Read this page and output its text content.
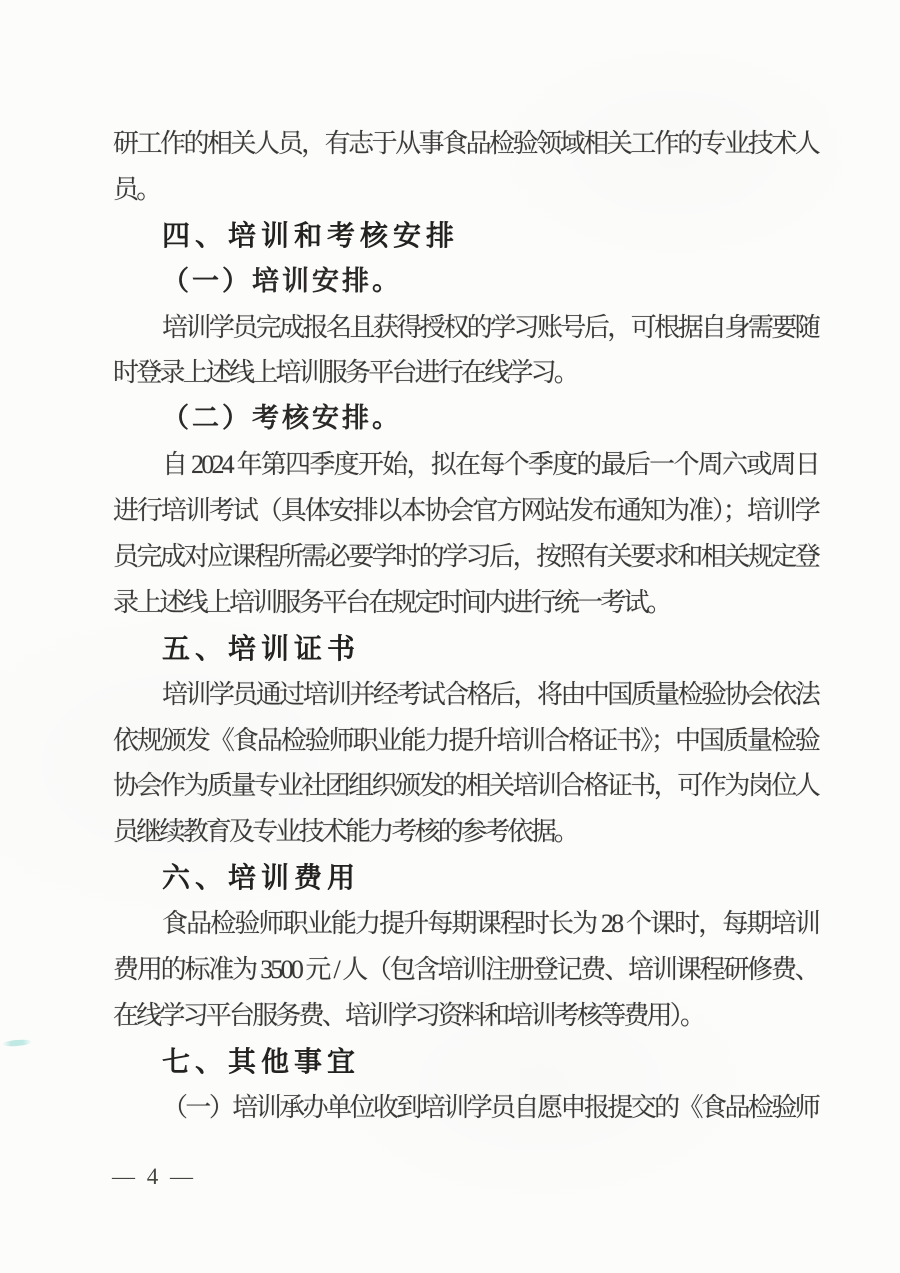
研工作的相关人员，有志于从事食品检验领域相关工作的专业技术人
员。
四、培训和考核安排
（一）培训安排。
培训学员完成报名且获得授权的学习账号后，可根据自身需要随
时登录上述线上培训服务平台进行在线学习。
（二）考核安排。
自 2024 年第四季度开始，拟在每个季度的最后一个周六或周日
进行培训考试（具体安排以本协会官方网站发布通知为准）；培训学
员完成对应课程所需必要学时的学习后，按照有关要求和相关规定登
录上述线上培训服务平台在规定时间内进行统一考试。
五、培训证书
培训学员通过培训并经考试合格后，将由中国质量检验协会依法
依规颁发《食品检验师职业能力提升培训合格证书》；中国质量检验
协会作为质量专业社团组织颁发的相关培训合格证书，可作为岗位人
员继续教育及专业技术能力考核的参考依据。
六、培训费用
食品检验师职业能力提升每期课程时长为 28 个课时，每期培训
费用的标准为 3500 元 / 人（包含培训注册登记费、培训课程研修费、
在线学习平台服务费、培训学习资料和培训考核等费用）。
七、其他事宜
（一）培训承办单位收到培训学员自愿申报提交的《食品检验师
— 4 —
